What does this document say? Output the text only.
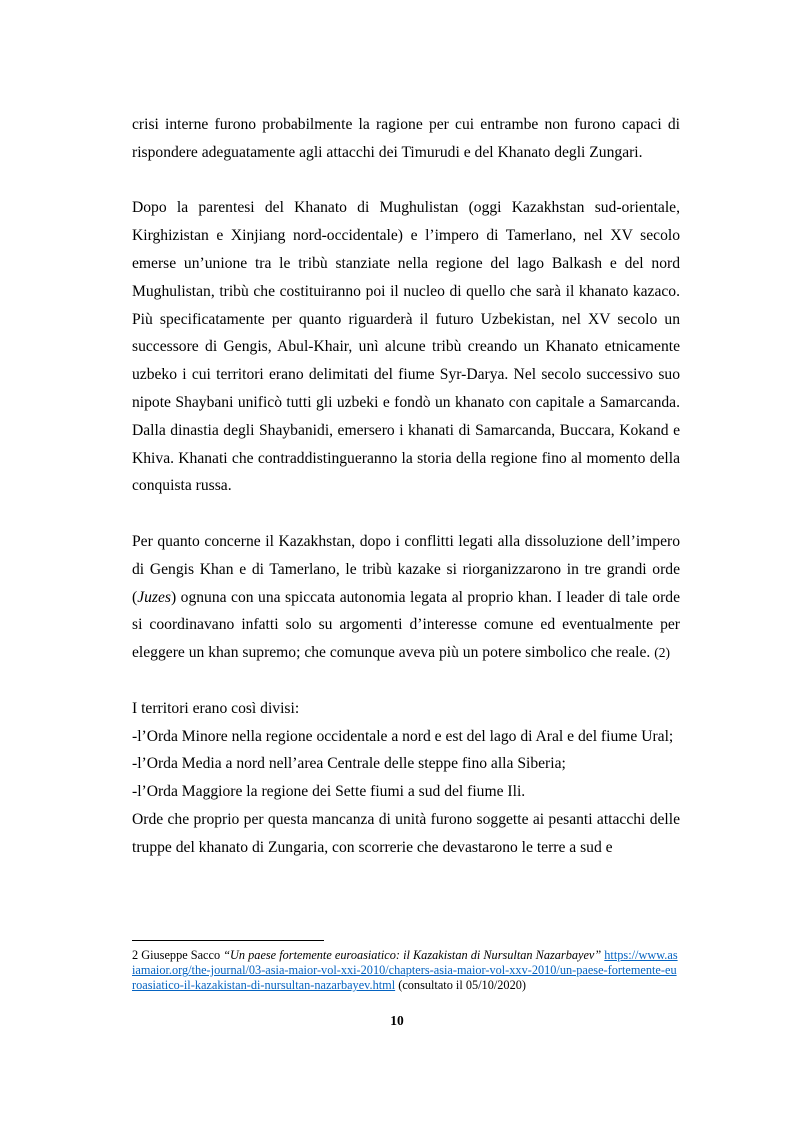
crisi interne furono probabilmente la ragione per cui entrambe non furono capaci di rispondere adeguatamente agli attacchi dei Timurudi e del Khanato degli Zungari.

Dopo la parentesi del Khanato di Mughulistan (oggi Kazakhstan sud-orientale, Kirghizistan e Xinjiang nord-occidentale) e l’impero di Tamerlano, nel XV secolo emerse un’unione tra le tribù stanziate nella regione del lago Balkash e del nord Mughulistan, tribù che costituiranno poi il nucleo di quello che sarà il khanato kazaco. Più specificatamente per quanto riguarderà il futuro Uzbekistan, nel XV secolo un successore di Gengis, Abul-Khair, unì alcune tribù creando un Khanato etnicamente uzbeko i cui territori erano delimitati del fiume Syr-Darya. Nel secolo successivo suo nipote Shaybani unificò tutti gli uzbeki e fondò un khanato con capitale a Samarcanda. Dalla dinastia degli Shaybanidi, emersero i khanati di Samarcanda, Buccara, Kokand e Khiva. Khanati che contraddistingueranno la storia della regione fino al momento della conquista russa.

Per quanto concerne il Kazakhstan, dopo i conflitti legati alla dissoluzione dell’impero di Gengis Khan e di Tamerlano, le tribù kazake si riorganizzarono in tre grandi orde (Juzes) ognuna con una spiccata autonomia legata al proprio khan. I leader di tale orde si coordinavano infatti solo su argomenti d’interesse comune ed eventualmente per eleggere un khan supremo; che comunque aveva più un potere simbolico che reale. (2)

I territori erano così divisi:

-l’Orda Minore nella regione occidentale a nord e est del lago di Aral e del fiume Ural;

-l’Orda Media a nord nell’area Centrale delle steppe fino alla Siberia;

-l’Orda Maggiore la regione dei Sette fiumi a sud del fiume Ili.

Orde che proprio per questa mancanza di unità furono soggette ai pesanti attacchi delle truppe del khanato di Zungaria, con scorrerie che devastarono le terre a sud e

2 Giuseppe Sacco “Un paese fortemente euroasiatico: il Kazakistan di Nursultan Nazarbayev” https://www.asiamaior.org/the-journal/03-asia-maior-vol-xxi-2010/chapters-asia-maior-vol-xxv-2010/un-paese-fortemente-euroasiatico-il-kazakistan-di-nursultan-nazarbayev.html (consultato il 05/10/2020)
10
